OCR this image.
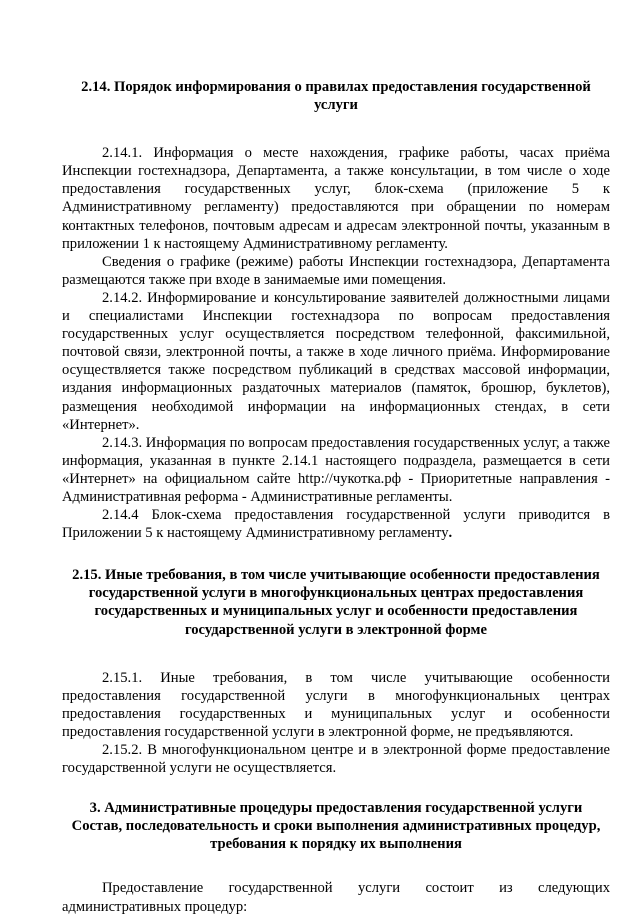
2.14. Порядок информирования о правилах предоставления государственной услуги

2.14.1. Информация о месте нахождения, графике работы, часах приёма Инспекции гостехнадзора, Департамента, а также консультации, в том числе о ходе предоставления государственных услуг, блок-схема (приложение 5 к Административному регламенту) предоставляются при обращении по номерам контактных телефонов, почтовым адресам и адресам электронной почты, указанным в приложении 1 к настоящему Административному регламенту.

Сведения о графике (режиме) работы Инспекции гостехнадзора, Департамента размещаются также при входе в занимаемые ими помещения.

2.14.2. Информирование и консультирование заявителей должностными лицами и специалистами Инспекции гостехнадзора по вопросам предоставления государственных услуг осуществляется посредством телефонной, факсимильной, почтовой связи, электронной почты, а также в ходе личного приёма. Информирование осуществляется также посредством публикаций в средствах массовой информации, издания информационных раздаточных материалов (памяток, брошюр, буклетов), размещения необходимой информации на информационных стендах, в сети «Интернет».

2.14.3. Информация по вопросам предоставления государственных услуг, а также информация, указанная в пункте 2.14.1 настоящего подраздела, размещается в сети «Интернет» на официальном сайте http://чукотка.рф - Приоритетные направления - Административная реформа - Административные регламенты.

2.14.4 Блок-схема предоставления государственной услуги приводится в Приложении 5 к настоящему Административному регламенту.

2.15. Иные требования, в том числе учитывающие особенности предоставления государственной услуги в многофункциональных центрах предоставления государственных и муниципальных услуг и особенности предоставления государственной услуги в электронной форме

2.15.1. Иные требования, в том числе учитывающие особенности предоставления государственной услуги в многофункциональных центрах предоставления государственных и муниципальных услуг и особенности предоставления государственной услуги в электронной форме, не предъявляются.

2.15.2. В многофункциональном центре и в электронной форме предоставление государственной услуги не осуществляется.

3. Административные процедуры предоставления государственной услуги
Состав, последовательность и сроки выполнения административных процедур, требования к порядку их выполнения

Предоставление государственной услуги состоит из следующих административных процедур:
